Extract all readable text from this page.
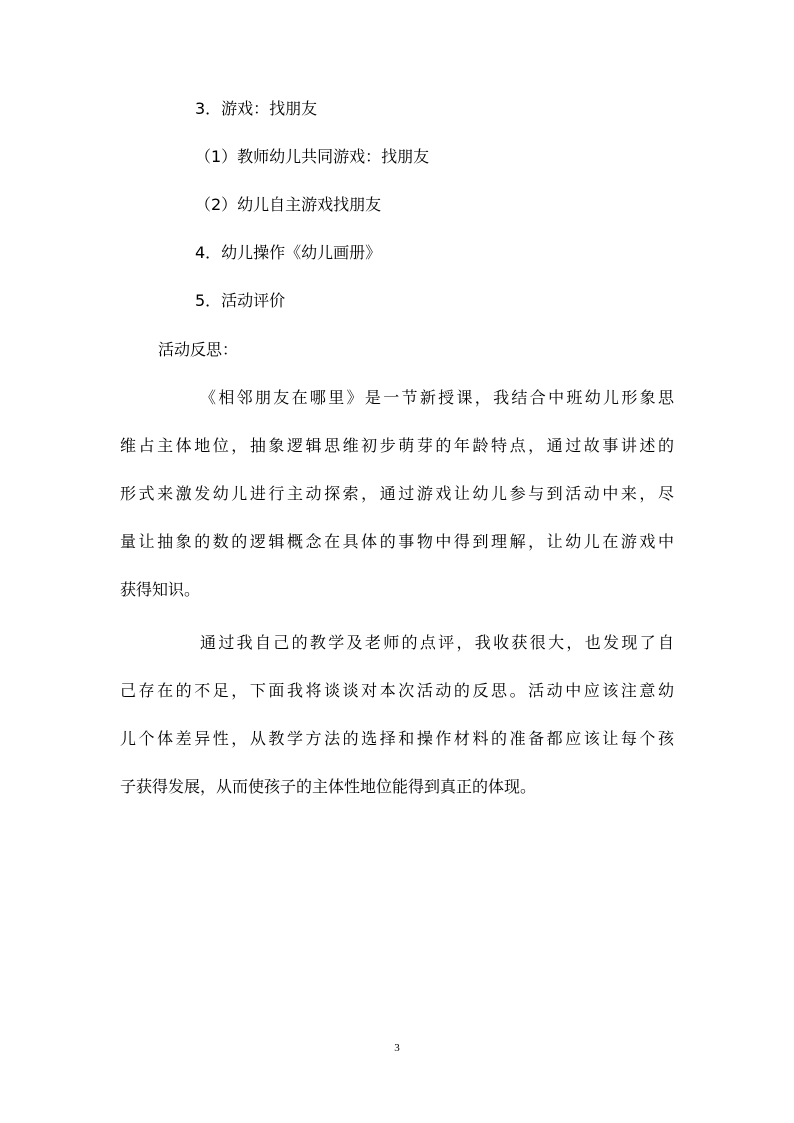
3．游戏：找朋友
（1）教师幼儿共同游戏：找朋友
（2）幼儿自主游戏找朋友
4．幼儿操作《幼儿画册》
5．活动评价
活动反思：
《相邻朋友在哪里》是一节新授课，我结合中班幼儿形象思
维占主体地位，抽象逻辑思维初步萌芽的年龄特点，通过故事讲述的
形式来激发幼儿进行主动探索，通过游戏让幼儿参与到活动中来，尽
量让抽象的数的逻辑概念在具体的事物中得到理解，让幼儿在游戏中
获得知识。
通过我自己的教学及老师的点评，我收获很大，也发现了自
己存在的不足，下面我将谈谈对本次活动的反思。活动中应该注意幼
儿个体差异性，从教学方法的选择和操作材料的准备都应该让每个孩
子获得发展，从而使孩子的主体性地位能得到真正的体现。
3
